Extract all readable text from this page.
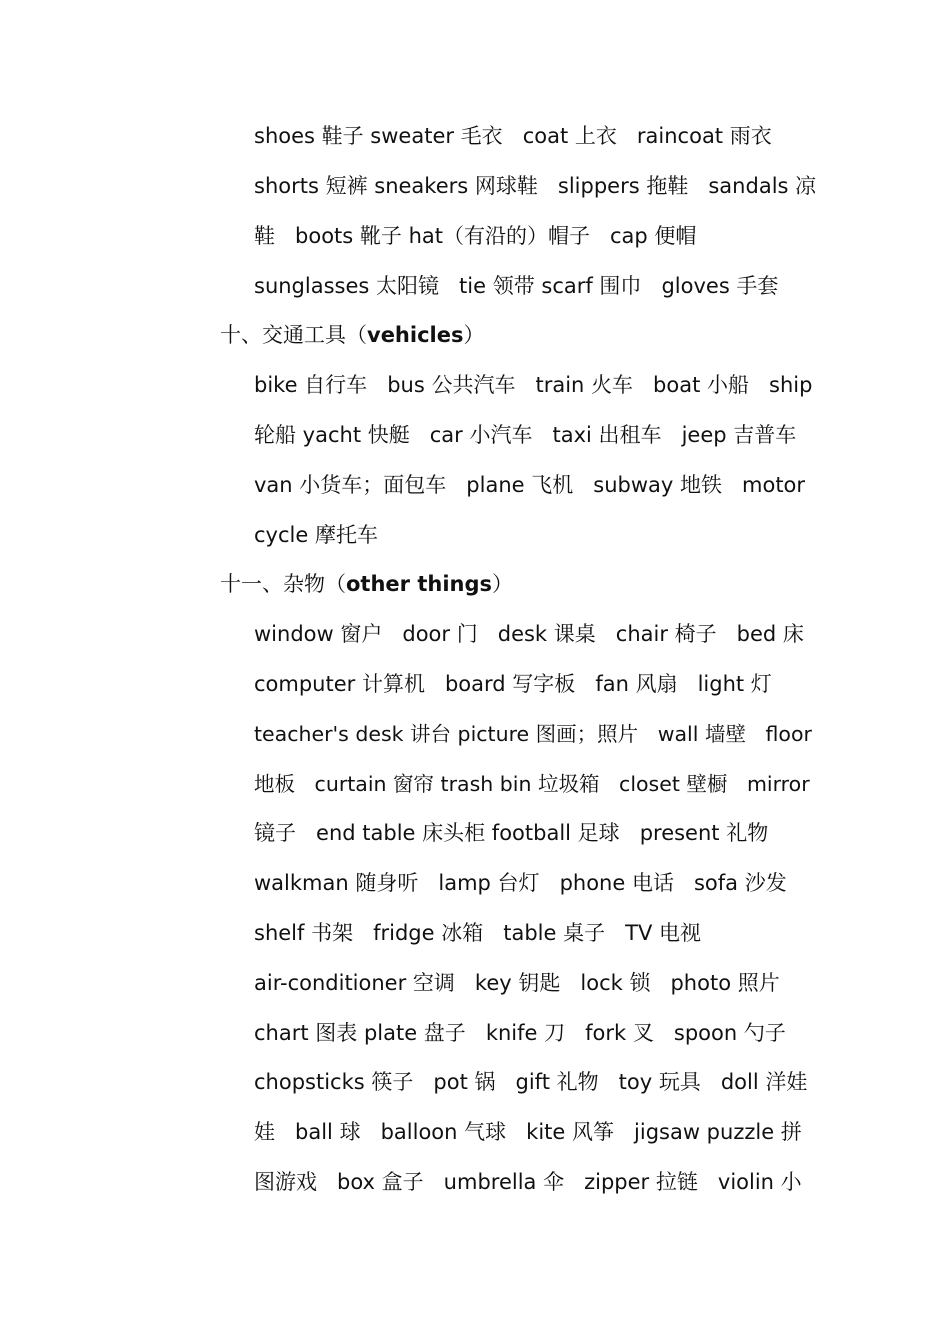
shoes 鞋子 sweater 毛衣   coat 上衣   raincoat 雨衣
shorts 短裤 sneakers 网球鞋   slippers 拖鞋   sandals 凉
鞋   boots 靴子 hat（有沿的）帽子   cap 便帽
sunglasses 太阳镜   tie 领带 scarf 围巾   gloves 手套
十、交通工具（vehicles）
bike 自行车   bus 公共汽车   train 火车   boat 小船   ship
轮船 yacht 快艇   car 小汽车   taxi 出租车   jeep 吉普车
van 小货车；面包车   plane 飞机   subway 地铁   motor
cycle 摩托车
十一、杂物（other things）
window 窗户   door 门   desk 课桌   chair 椅子   bed 床
computer 计算机   board 写字板   fan 风扇   light 灯
teacher's desk 讲台 picture 图画；照片   wall 墙壁   floor
地板   curtain 窗帘 trash bin 垃圾箱   closet 壁橱   mirror
镜子   end table 床头柜 football 足球   present 礼物
walkman 随身听   lamp 台灯   phone 电话   sofa 沙发
shelf 书架   fridge 冰箱   table 桌子   TV 电视
air-conditioner 空调   key 钥匙   lock 锁   photo 照片
chart 图表 plate 盘子   knife 刀   fork 叉   spoon 勺子
chopsticks 筷子   pot 锅   gift 礼物   toy 玩具   doll 洋娃
娃   ball 球   balloon 气球   kite 风筝   jigsaw puzzle 拼
图游戏   box 盒子   umbrella 伞   zipper 拉链   violin 小
